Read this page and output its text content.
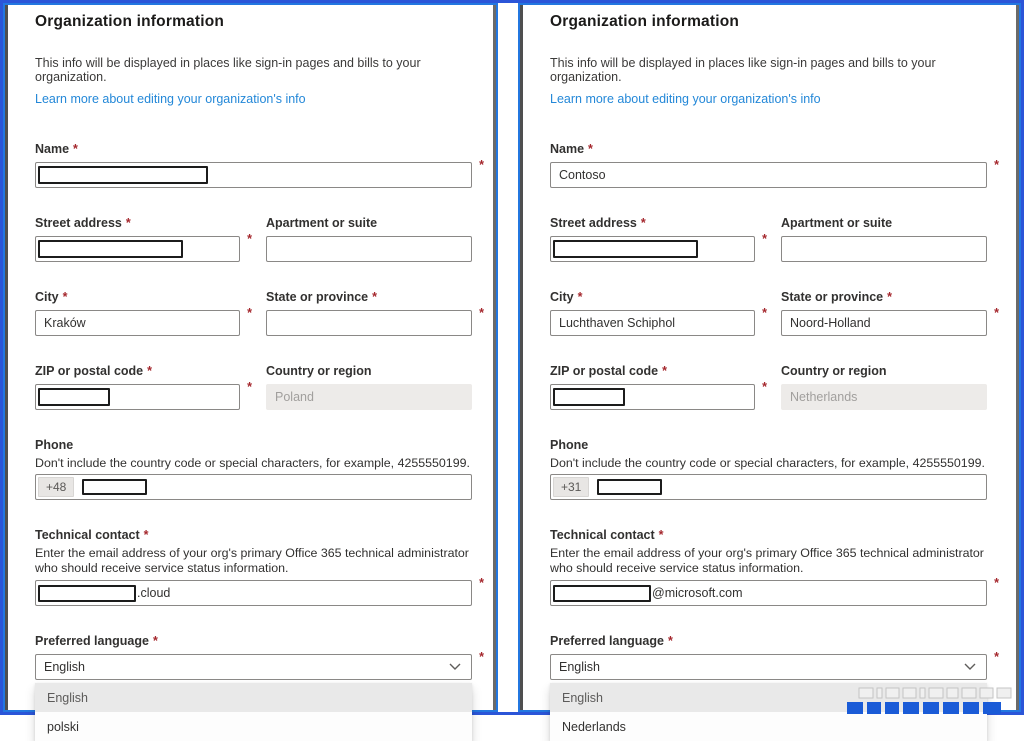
Organization information

This info will be displayed in places like sign-in pages and bills to your organization.

Learn more about editing your organization's info
Name *
*
Street address *
*
Apartment or suite
City *
Kraków
*
State or province *
*
ZIP or postal code *
*
Country or region
Poland
Phone
Don't include the country code or special characters, for example, 4255550199.
+48
Technical contact *
Enter the email address of your org's primary Office 365 technical administrator who should receive service status information.
.cloud
*
Preferred language *
English
*
English
polski
Organization information

This info will be displayed in places like sign-in pages and bills to your organization.

Learn more about editing your organization's info
Name *
Contoso
*
Street address *
*
Apartment or suite
City *
Luchthaven Schiphol
*
State or province *
Noord-Holland
*
ZIP or postal code *
*
Country or region
Netherlands
Phone
Don't include the country code or special characters, for example, 4255550199.
+31
Technical contact *
Enter the email address of your org's primary Office 365 technical administrator who should receive service status information.
@microsoft.com
*
Preferred language *
English
*
English
Nederlands
